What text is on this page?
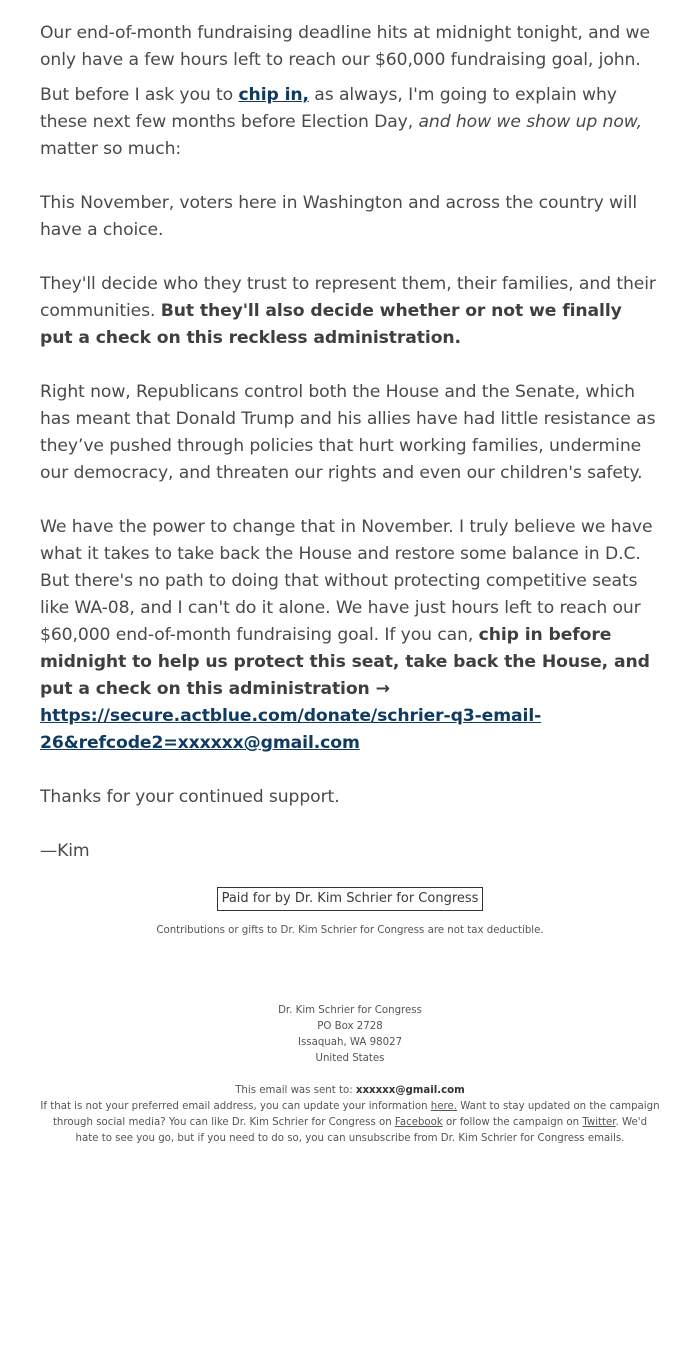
Our end-of-month fundraising deadline hits at midnight tonight, and we only have a few hours left to reach our $60,000 fundraising goal, john.

But before I ask you to chip in, as always, I'm going to explain why these next few months before Election Day, and how we show up now, matter so much:

This November, voters here in Washington and across the country will have a choice.

They'll decide who they trust to represent them, their families, and their communities. But they'll also decide whether or not we finally put a check on this reckless administration.

Right now, Republicans control both the House and the Senate, which has meant that Donald Trump and his allies have had little resistance as they’ve pushed through policies that hurt working families, undermine our democracy, and threaten our rights and even our children's safety.

We have the power to change that in November. I truly believe we have what it takes to take back the House and restore some balance in D.C. But there's no path to doing that without protecting competitive seats like WA-08, and I can't do it alone. We have just hours left to reach our $60,000 end-of-month fundraising goal. If you can, chip in before midnight to help us protect this seat, take back the House, and put a check on this administration → https://secure.actblue.com/donate/schrier-q3-email-26&refcode2=xxxxxx@gmail.com

Thanks for your continued support.

—Kim

Paid for by Dr. Kim Schrier for Congress
Contributions or gifts to Dr. Kim Schrier for Congress are not tax deductible.
Dr. Kim Schrier for Congress
PO Box 2728
Issaquah, WA 98027
United States
This email was sent to: xxxxxx@gmail.com
If that is not your preferred email address, you can update your information here. Want to stay updated on the campaign through social media? You can like Dr. Kim Schrier for Congress on Facebook or follow the campaign on Twitter. We'd hate to see you go, but if you need to do so, you can unsubscribe from Dr. Kim Schrier for Congress emails.
